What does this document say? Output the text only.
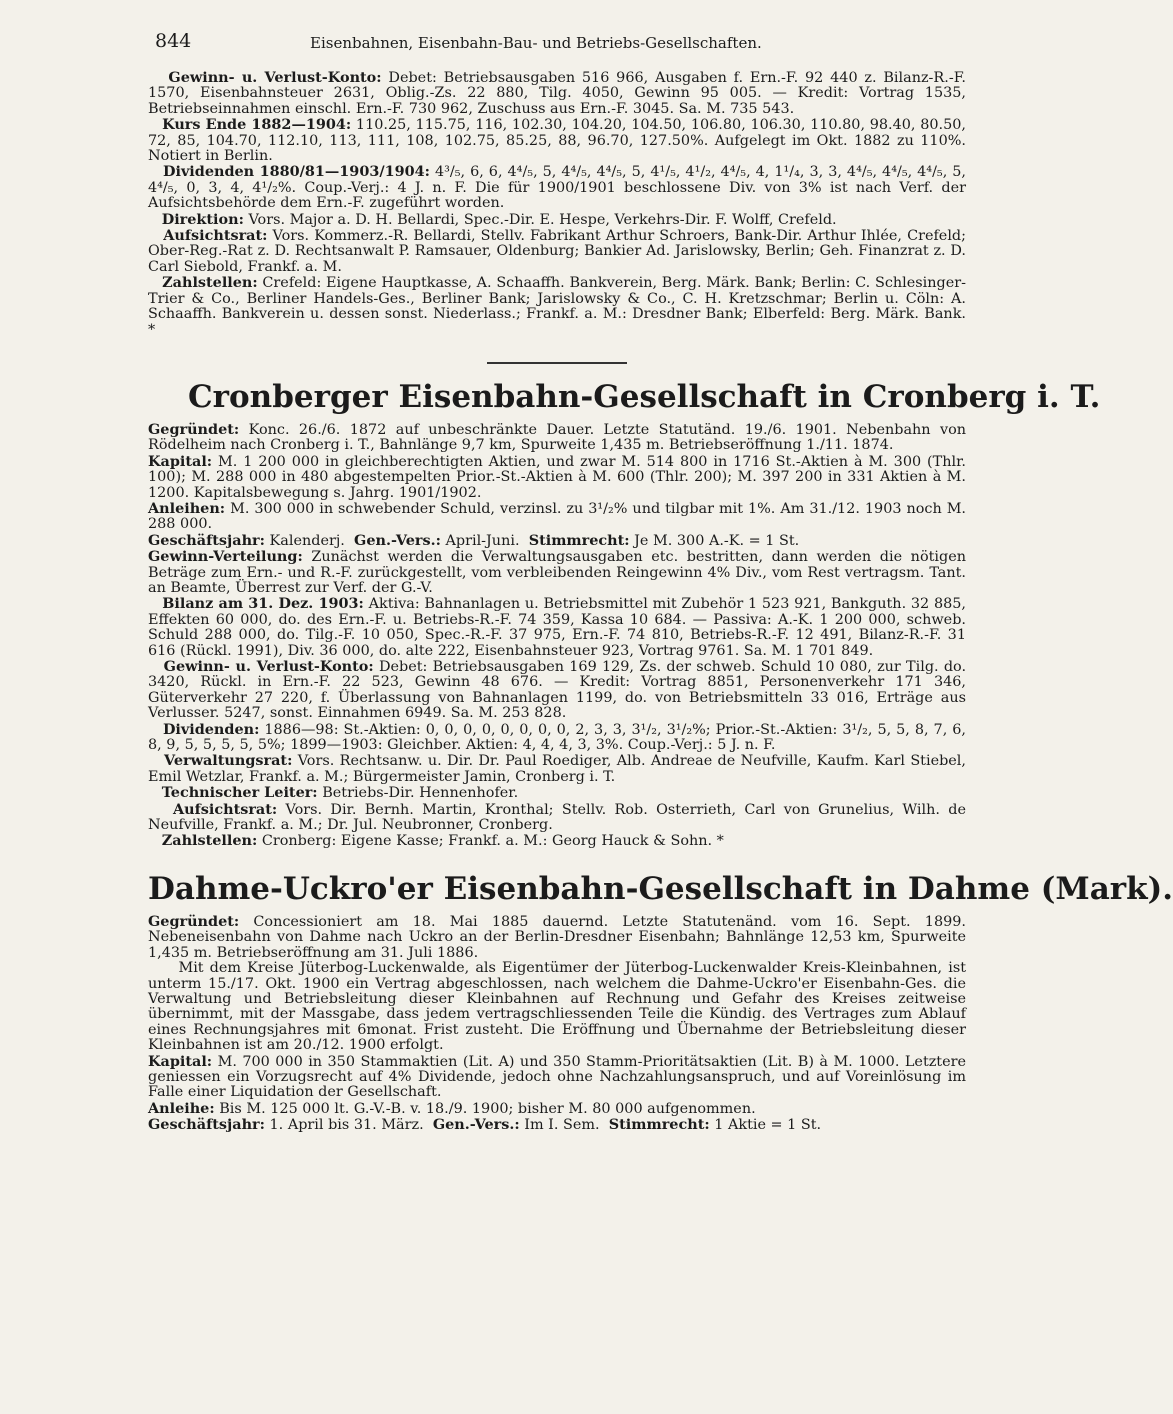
844	Eisenbahnen, Eisenbahn-Bau- und Betriebs-Gesellschaften.

Gewinn- u. Verlust-Konto: Debet: Betriebsausgaben 516 966, Ausgaben f. Ern.-F. 92 440 z. Bilanz-R.-F. 1570, Eisenbahnsteuer 2631, Oblig.-Zs. 22 880, Tilg. 4050, Gewinn 95 005. — Kredit: Vortrag 1535, Betriebseinnahmen einschl. Ern.-F. 730 962, Zuschuss aus Ern.-F. 3045. Sa. M. 735 543.

Kurs Ende 1882—1904: 110.25, 115.75, 116, 102.30, 104.20, 104.50, 106.80, 106.30, 110.80, 98.40, 80.50, 72, 85, 104.70, 112.10, 113, 111, 108, 102.75, 85.25, 88, 96.70, 127.50%. Aufgelegt im Okt. 1882 zu 110%. Notiert in Berlin.

Dividenden 1880/81—1903/1904: 4³/₅, 6, 6, 4⁴/₅, 5, 4⁴/₅, 4⁴/₅, 5, 4¹/₅, 4¹/₂, 4⁴/₅, 4, 1¹/₄, 3, 3, 4⁴/₅, 4⁴/₅, 4⁴/₅, 5, 4⁴/₅, 0, 3, 4, 4¹/₂%. Coup.-Verj.: 4 J. n. F. Die für 1900/1901 beschlossene Div. von 3% ist nach Verf. der Aufsichtsbehörde dem Ern.-F. zugeführt worden.

Direktion: Vors. Major a. D. H. Bellardi, Spec.-Dir. E. Hespe, Verkehrs-Dir. F. Wolff, Crefeld.

Aufsichtsrat: Vors. Kommerz.-R. Bellardi, Stellv. Fabrikant Arthur Schroers, Bank-Dir. Arthur Ihlée, Crefeld; Ober-Reg.-Rat z. D. Rechtsanwalt P. Ramsauer, Oldenburg; Bankier Ad. Jarislowsky, Berlin; Geh. Finanzrat z. D. Carl Siebold, Frankf. a. M.

Zahlstellen: Crefeld: Eigene Hauptkasse, A. Schaaffh. Bankverein, Berg. Märk. Bank; Berlin: C. Schlesinger-Trier & Co., Berliner Handels-Ges., Berliner Bank; Jarislowsky & Co., C. H. Kretzschmar; Berlin u. Cöln: A. Schaaffh. Bankverein u. dessen sonst. Niederlass.; Frankf. a. M.: Dresdner Bank; Elberfeld: Berg. Märk. Bank. *

Cronberger Eisenbahn-Gesellschaft in Cronberg i. T.

Gegründet: Konc. 26./6. 1872 auf unbeschränkte Dauer. Letzte Statutänd. 19./6. 1901. Nebenbahn von Rödelheim nach Cronberg i. T., Bahnlänge 9,7 km, Spurweite 1,435 m. Betriebseröffnung 1./11. 1874.

Kapital: M. 1 200 000 in gleichberechtigten Aktien, und zwar M. 514 800 in 1716 St.-Aktien à M. 300 (Thlr. 100); M. 288 000 in 480 abgestempelten Prior.-St.-Aktien à M. 600 (Thlr. 200); M. 397 200 in 331 Aktien à M. 1200. Kapitalsbewegung s. Jahrg. 1901/1902.

Anleihen: M. 300 000 in schwebender Schuld, verzinsl. zu 3¹/₂% und tilgbar mit 1%. Am 31./12. 1903 noch M. 288 000.

Geschäftsjahr: Kalenderj. Gen.-Vers.: April-Juni. Stimmrecht: Je M. 300 A.-K. = 1 St.

Gewinn-Verteilung: Zunächst werden die Verwaltungsausgaben etc. bestritten, dann werden die nötigen Beträge zum Ern.- und R.-F. zurückgestellt, vom verbleibenden Reingewinn 4% Div., vom Rest vertragsm. Tant. an Beamte, Überrest zur Verf. der G.-V.

Bilanz am 31. Dez. 1903: Aktiva: Bahnanlagen u. Betriebsmittel mit Zubehör 1 523 921, Bankguth. 32 885, Effekten 60 000, do. des Ern.-F. u. Betriebs-R.-F. 74 359, Kassa 10 684. — Passiva: A.-K. 1 200 000, schweb. Schuld 288 000, do. Tilg.-F. 10 050, Spec.-R.-F. 37 975, Ern.-F. 74 810, Betriebs-R.-F. 12 491, Bilanz-R.-F. 31 616 (Rückl. 1991), Div. 36 000, do. alte 222, Eisenbahnsteuer 923, Vortrag 9761. Sa. M. 1 701 849.

Gewinn- u. Verlust-Konto: Debet: Betriebsausgaben 169 129, Zs. der schweb. Schuld 10 080, zur Tilg. do. 3420, Rückl. in Ern.-F. 22 523, Gewinn 48 676. — Kredit: Vortrag 8851, Personenverkehr 171 346, Güterverkehr 27 220, f. Überlassung von Bahnanlagen 1199, do. von Betriebsmitteln 33 016, Erträge aus Verlusser. 5247, sonst. Einnahmen 6949. Sa. M. 253 828.

Dividenden: 1886—98: St.-Aktien: 0, 0, 0, 0, 0, 0, 0, 0, 2, 3, 3, 3¹/₂, 3¹/₂%; Prior.-St.-Aktien: 3¹/₂, 5, 5, 8, 7, 6, 8, 9, 5, 5, 5, 5, 5%; 1899—1903: Gleichber. Aktien: 4, 4, 4, 3, 3%. Coup.-Verj.: 5 J. n. F.

Verwaltungsrat: Vors. Rechtsanw. u. Dir. Dr. Paul Roediger, Alb. Andreae de Neufville, Kaufm. Karl Stiebel, Emil Wetzlar, Frankf. a. M.; Bürgermeister Jamin, Cronberg i. T.

Technischer Leiter: Betriebs-Dir. Hennenhofer.

Aufsichtsrat: Vors. Dir. Bernh. Martin, Kronthal; Stellv. Rob. Osterrieth, Carl von Grunelius, Wilh. de Neufville, Frankf. a. M.; Dr. Jul. Neubronner, Cronberg.

Zahlstellen: Cronberg: Eigene Kasse; Frankf. a. M.: Georg Hauck & Sohn. *

Dahme-Uckro'er Eisenbahn-Gesellschaft in Dahme (Mark).

Gegründet: Concessioniert am 18. Mai 1885 dauernd. Letzte Statutenänd. vom 16. Sept. 1899. Nebeneisenbahn von Dahme nach Uckro an der Berlin-Dresdner Eisenbahn; Bahnlänge 12,53 km, Spurweite 1,435 m. Betriebseröffnung am 31. Juli 1886.

Mit dem Kreise Jüterbog-Luckenwalde, als Eigentümer der Jüterbog-Luckenwalder Kreis-Kleinbahnen, ist unterm 15./17. Okt. 1900 ein Vertrag abgeschlossen, nach welchem die Dahme-Uckro'er Eisenbahn-Ges. die Verwaltung und Betriebsleitung dieser Kleinbahnen auf Rechnung und Gefahr des Kreises zeitweise übernimmt, mit der Massgabe, dass jedem vertragschliessenden Teile die Kündig. des Vertrages zum Ablauf eines Rechnungsjahres mit 6monat. Frist zusteht. Die Eröffnung und Übernahme der Betriebsleitung dieser Kleinbahnen ist am 20./12. 1900 erfolgt.

Kapital: M. 700 000 in 350 Stammaktien (Lit. A) und 350 Stamm-Prioritätsaktien (Lit. B) à M. 1000. Letztere geniessen ein Vorzugsrecht auf 4% Dividende, jedoch ohne Nachzahlungsanspruch, und auf Voreinlösung im Falle einer Liquidation der Gesellschaft.

Anleihe: Bis M. 125 000 lt. G.-V.-B. v. 18./9. 1900; bisher M. 80 000 aufgenommen.

Geschäftsjahr: 1. April bis 31. März. Gen.-Vers.: Im I. Sem. Stimmrecht: 1 Aktie = 1 St.
